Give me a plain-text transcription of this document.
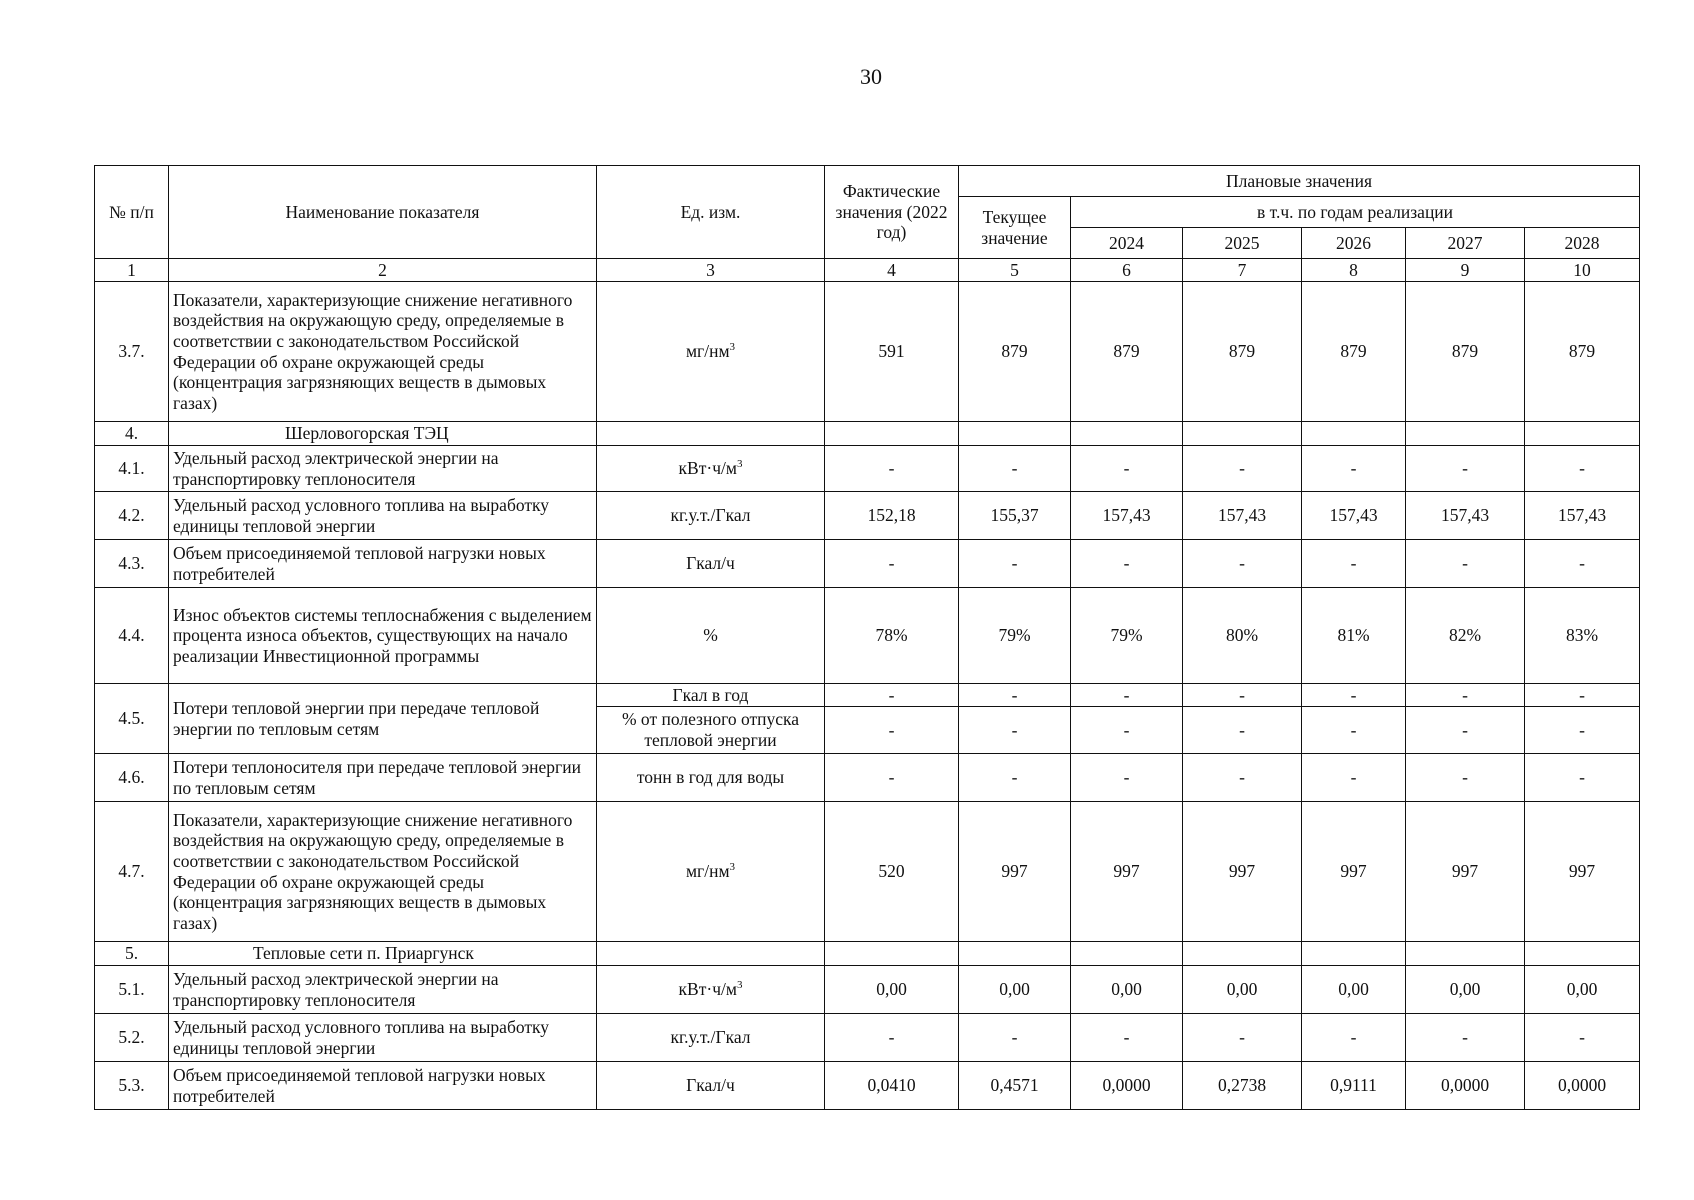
30
№ п/п	Наименование показателя	Ед. изм.	Фактические значения (2022 год)	Плановые значения					
				Текущее значение	в т.ч. по годам реализации				
					2024	2025	2026	2027	2028
1	2	3	4	5	6	7	8	9	10
3.7.	Показатели, характеризующие снижение негативного воздействия на окружающую среду, определяемые в соответствии с законодательством Российской Федерации об охране окружающей среды (концентрация загрязняющих веществ в дымовых газах)	$мг/нм^3$	591	879	879	879	879	879	879
4.	Шерловогорская ТЭЦ								
4.1.	Удельный расход электрической энергии на транспортировку теплоносителя	$кВт\cdot ч/м^3$	-	-	-	-	-	-	-
4.2.	Удельный расход условного топлива на выработку единицы тепловой энергии	кг.у.т./Гкал	152,18	155,37	157,43	157,43	157,43	157,43	157,43
4.3.	Объем присоединяемой тепловой нагрузки новых потребителей	Гкал/ч	-	-	-	-	-	-	-
4.4.	Износ объектов системы теплоснабжения с выделением процента износа объектов, существующих на начало реализации Инвестиционной программы	%	78%	79%	79%	80%	81%	82%	83%
4.5.	Потери тепловой энергии при передаче тепловой энергии по тепловым сетям	Гкал в год	-	-	-	-	-	-	-
		% от полезного отпуска тепловой энергии	-	-	-	-	-	-	-
4.6.	Потери теплоносителя при передаче тепловой энергии по тепловым сетям	тонн в год для воды	-	-	-	-	-	-	-
4.7.	Показатели, характеризующие снижение негативного воздействия на окружающую среду, определяемые в соответствии с законодательством Российской Федерации об охране окружающей среды (концентрация загрязняющих веществ в дымовых газах)	$мг/нм^3$	520	997	997	997	997	997	997
5.	Тепловые сети п. Приаргунск								
5.1.	Удельный расход электрической энергии на транспортировку теплоносителя	$кВт\cdot ч/м^3$	0,00	0,00	0,00	0,00	0,00	0,00	0,00
5.2.	Удельный расход условного топлива на выработку единицы тепловой энергии	кг.у.т./Гкал	-	-	-	-	-	-	-
5.3.	Объем присоединяемой тепловой нагрузки новых потребителей	Гкал/ч	0,0410	0,4571	0,0000	0,2738	0,9111	0,0000	0,0000
